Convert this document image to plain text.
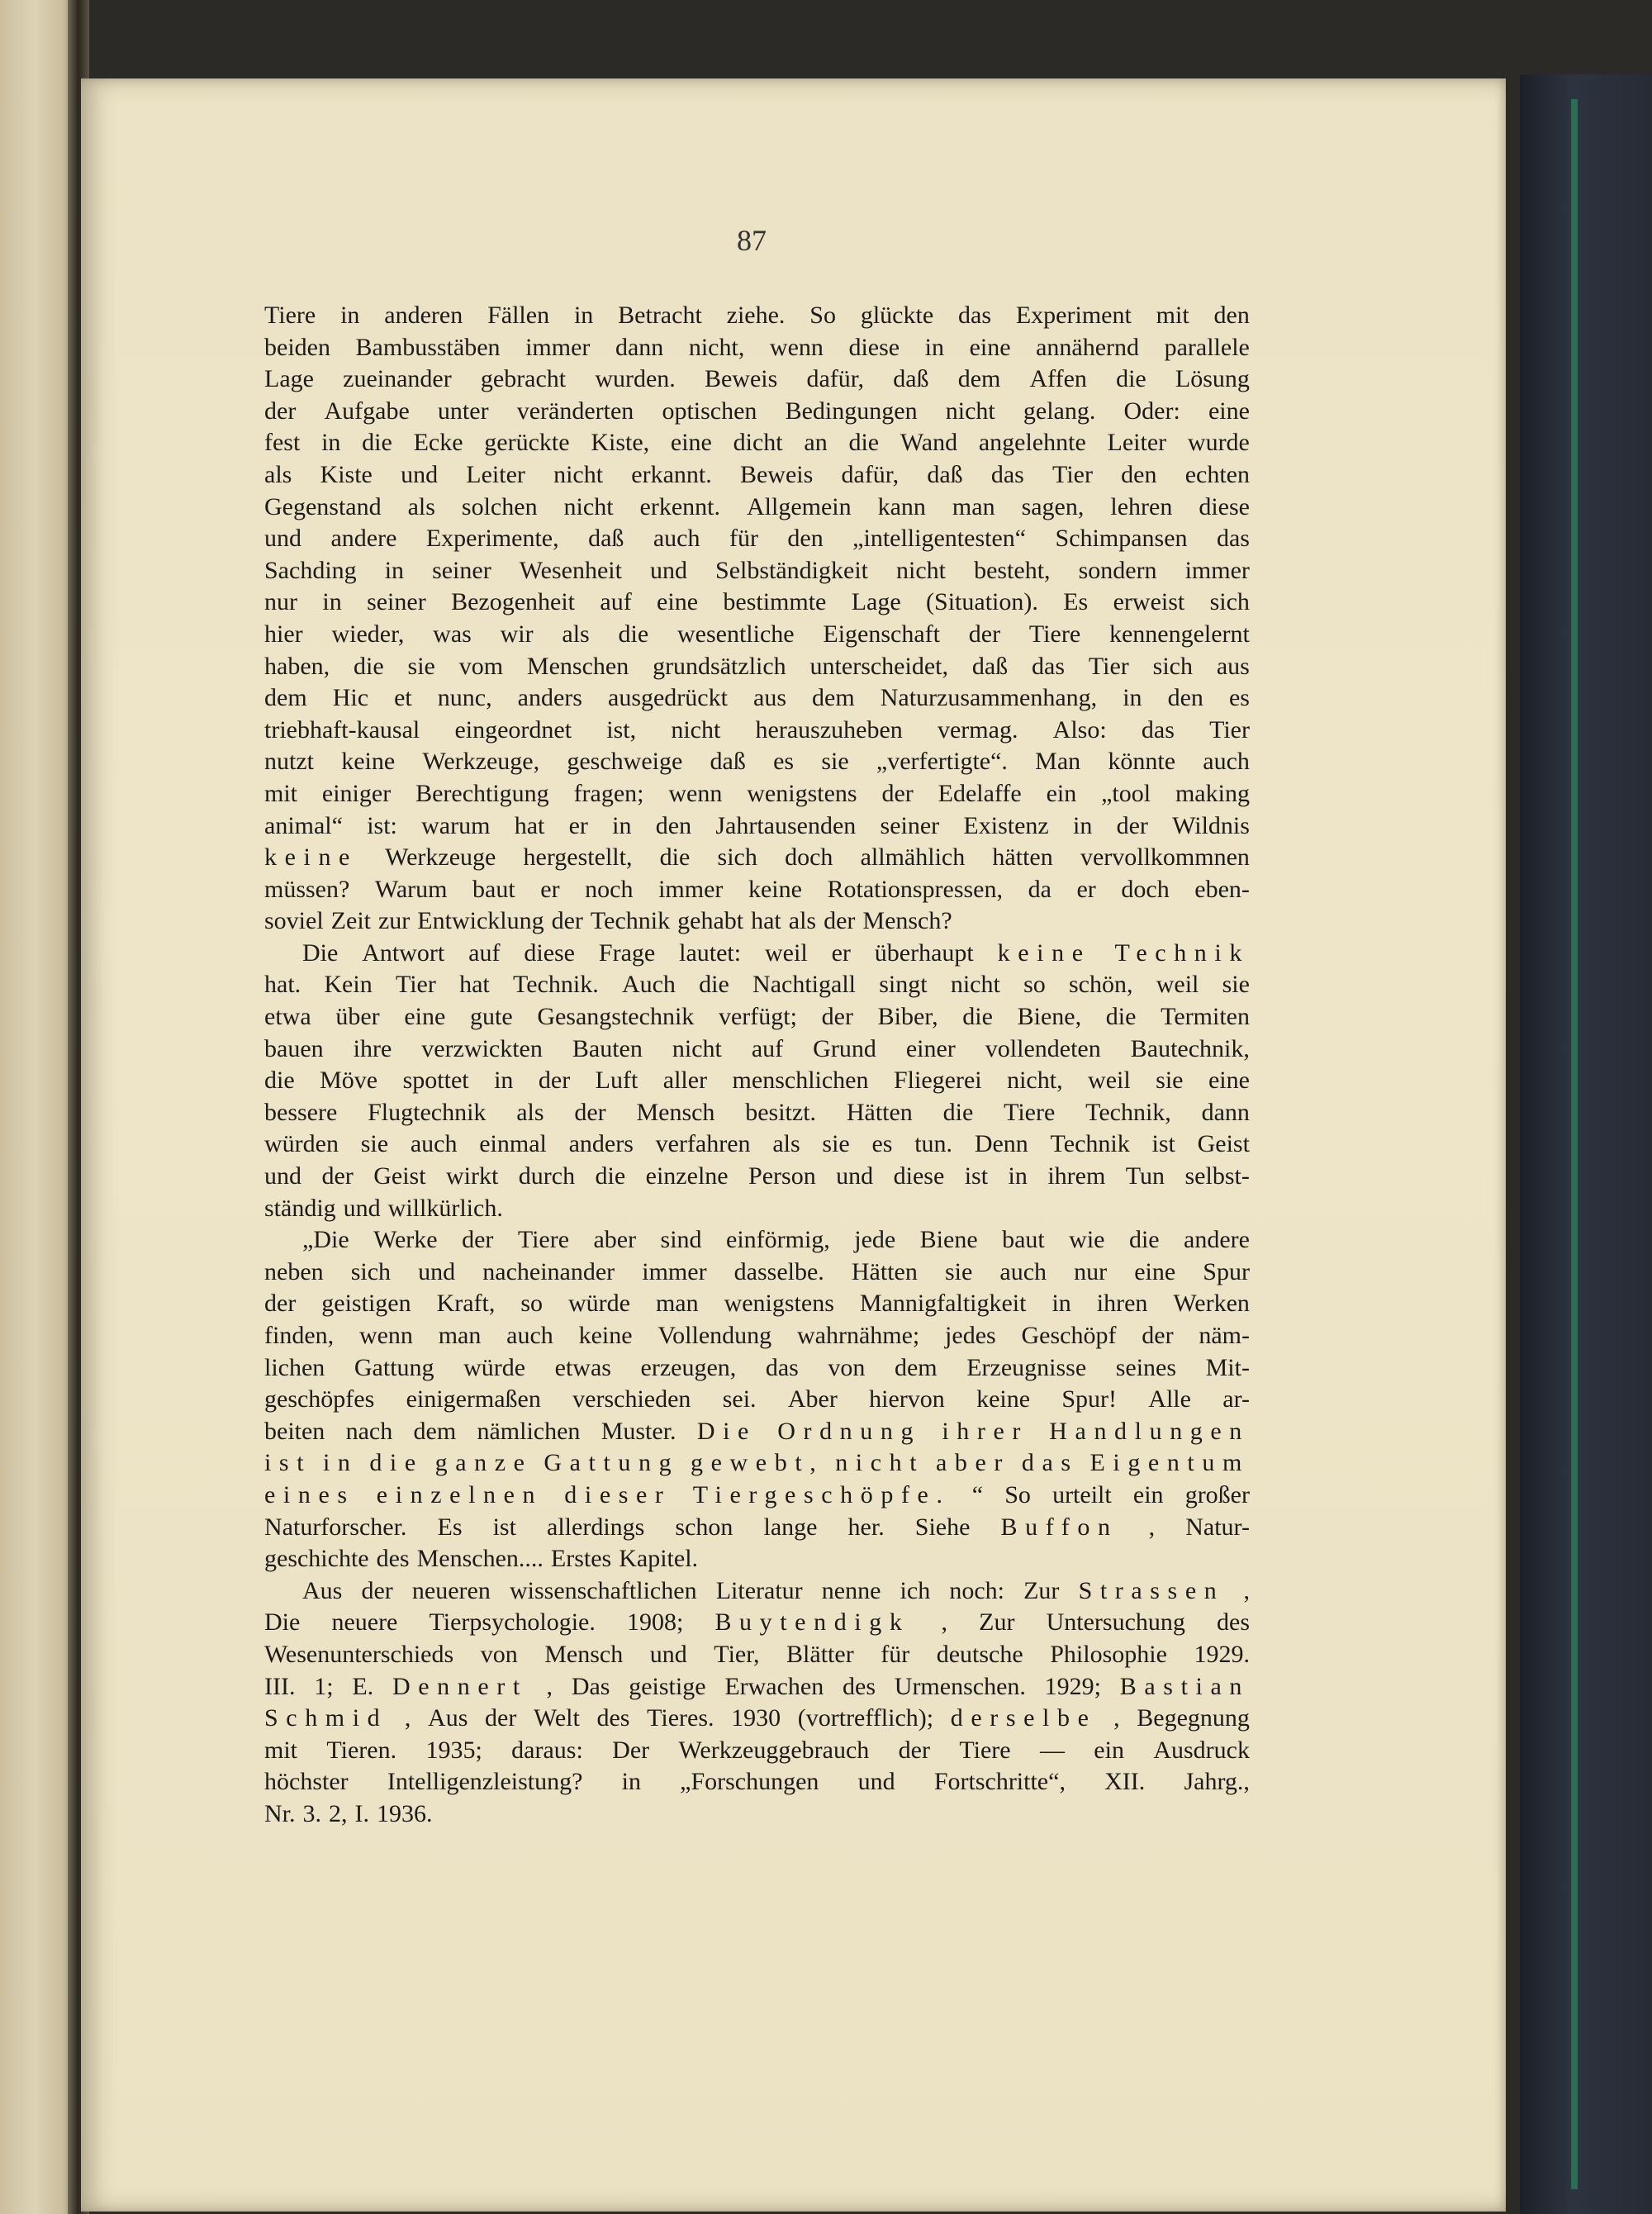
87
Tiere in anderen Fällen in Betracht ziehe. So glückte das Experiment mit den
beiden Bambusstäben immer dann nicht, wenn diese in eine annähernd parallele
Lage zueinander gebracht wurden. Beweis dafür, daß dem Affen die Lösung
der Aufgabe unter veränderten optischen Bedingungen nicht gelang. Oder: eine
fest in die Ecke gerückte Kiste, eine dicht an die Wand angelehnte Leiter wurde
als Kiste und Leiter nicht erkannt. Beweis dafür, daß das Tier den echten
Gegenstand als solchen nicht erkennt. Allgemein kann man sagen, lehren diese
und andere Experimente, daß auch für den „intelligentesten“ Schimpansen das
Sachding in seiner Wesenheit und Selbständigkeit nicht besteht, sondern immer
nur in seiner Bezogenheit auf eine bestimmte Lage (Situation). Es erweist sich
hier wieder, was wir als die wesentliche Eigenschaft der Tiere kennengelernt
haben, die sie vom Menschen grundsätzlich unterscheidet, daß das Tier sich aus
dem Hic et nunc, anders ausgedrückt aus dem Naturzusammenhang, in den es
triebhaft-kausal eingeordnet ist, nicht herauszuheben vermag. Also: das Tier
nutzt keine Werkzeuge, geschweige daß es sie „verfertigte“. Man könnte auch
mit einiger Berechtigung fragen; wenn wenigstens der Edelaffe ein „tool making
animal“ ist: warum hat er in den Jahrtausenden seiner Existenz in der Wildnis
keine Werkzeuge hergestellt, die sich doch allmählich hätten vervollkommnen
müssen? Warum baut er noch immer keine Rotationspressen, da er doch eben-
soviel Zeit zur Entwicklung der Technik gehabt hat als der Mensch?
Die Antwort auf diese Frage lautet: weil er überhaupt keine Technik
hat. Kein Tier hat Technik. Auch die Nachtigall singt nicht so schön, weil sie
etwa über eine gute Gesangstechnik verfügt; der Biber, die Biene, die Termiten
bauen ihre verzwickten Bauten nicht auf Grund einer vollendeten Bautechnik,
die Möve spottet in der Luft aller menschlichen Fliegerei nicht, weil sie eine
bessere Flugtechnik als der Mensch besitzt. Hätten die Tiere Technik, dann
würden sie auch einmal anders verfahren als sie es tun. Denn Technik ist Geist
und der Geist wirkt durch die einzelne Person und diese ist in ihrem Tun selbst-
ständig und willkürlich.
„Die Werke der Tiere aber sind einförmig, jede Biene baut wie die andere
neben sich und nacheinander immer dasselbe. Hätten sie auch nur eine Spur
der geistigen Kraft, so würde man wenigstens Mannigfaltigkeit in ihren Werken
finden, wenn man auch keine Vollendung wahrnähme; jedes Geschöpf der näm-
lichen Gattung würde etwas erzeugen, das von dem Erzeugnisse seines Mit-
geschöpfes einigermaßen verschieden sei. Aber hiervon keine Spur! Alle ar-
beiten nach dem nämlichen Muster. Die Ordnung ihrer Handlungen
ist in die ganze Gattung gewebt, nicht aber das Eigentum
eines einzelnen dieser Tiergeschöpfe. “ So urteilt ein großer
Naturforscher. Es ist allerdings schon lange her. Siehe Buffon , Natur-
geschichte des Menschen.... Erstes Kapitel.
Aus der neueren wissenschaftlichen Literatur nenne ich noch: Zur Strassen ,
Die neuere Tierpsychologie. 1908; Buytendigk , Zur Untersuchung des
Wesenunterschieds von Mensch und Tier, Blätter für deutsche Philosophie 1929.
III. 1; E. Dennert , Das geistige Erwachen des Urmenschen. 1929; Bastian
Schmid , Aus der Welt des Tieres. 1930 (vortrefflich); derselbe , Begegnung
mit Tieren. 1935; daraus: Der Werkzeuggebrauch der Tiere — ein Ausdruck
höchster Intelligenzleistung? in „Forschungen und Fortschritte“, XII. Jahrg.,
Nr. 3. 2, I. 1936.
